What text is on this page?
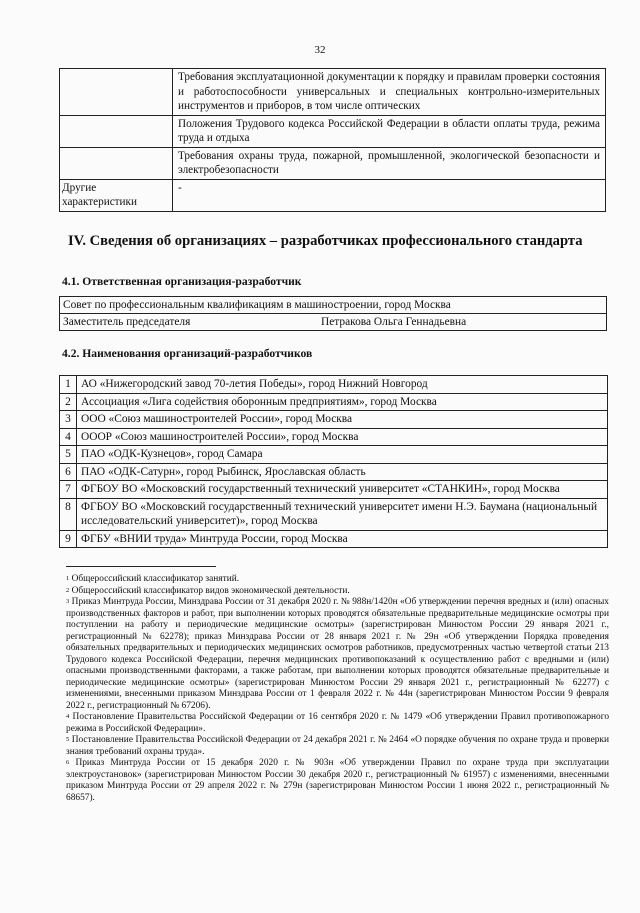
32
	Требования эксплуатационной документации к порядку и правилам проверки состояния и работоспособности универсальных и специальных контрольно-измерительных инструментов и приборов, в том числе оптических
	Положения Трудового кодекса Российской Федерации в области оплаты труда, режима труда и отдыха
	Требования охраны труда, пожарной, промышленной, экологической безопасности и электробезопасности
Другие характеристики	-
IV. Сведения об организациях – разработчиках профессионального стандарта
4.1. Ответственная организация-разработчик
Совет по профессиональным квалификациям в машиностроении, город Москва

Заместитель председателя	Петракова Ольга Геннадьевна
4.2. Наименования организаций-разработчиков
1	АО «Нижегородский завод 70-летия Победы», город Нижний Новгород
2	Ассоциация «Лига содействия оборонным предприятиям», город Москва
3	ООО «Союз машиностроителей России», город Москва
4	ОООР «Союз машиностроителей России», город Москва
5	ПАО «ОДК-Кузнецов», город Самара
6	ПАО «ОДК-Сатурн», город Рыбинск, Ярославская область
7	ФГБОУ ВО «Московский государственный технический университет «СТАНКИН», город Москва
8	ФГБОУ ВО «Московский государственный технический университет имени Н.Э. Баумана (национальный исследовательский университет)», город Москва
9	ФГБУ «ВНИИ труда» Минтруда России, город Москва

$^1$ Общероссийский классификатор занятий.

$^2$ Общероссийский классификатор видов экономической деятельности.

$^3$ Приказ Минтруда России, Минздрава России от 31 декабря 2020 г. № 988н/1420н «Об утверждении перечня вредных и (или) опасных производственных факторов и работ, при выполнении которых проводятся обязательные предварительные медицинские осмотры при поступлении на работу и периодические медицинские осмотры» (зарегистрирован Минюстом России 29 января 2021 г., регистрационный № 62278); приказ Минздрава России от 28 января 2021 г. № 29н «Об утверждении Порядка проведения обязательных предварительных и периодических медицинских осмотров работников, предусмотренных частью четвертой статьи 213 Трудового кодекса Российской Федерации, перечня медицинских противопоказаний к осуществлению работ с вредными и (или) опасными производственными факторами, а также работам, при выполнении которых проводятся обязательные предварительные и периодические медицинские осмотры» (зарегистрирован Минюстом России 29 января 2021 г., регистрационный № 62277) с изменениями, внесенными приказом Минздрава России от 1 февраля 2022 г. № 44н (зарегистрирован Минюстом России 9 февраля 2022 г., регистрационный № 67206).

$^4$ Постановление Правительства Российской Федерации от 16 сентября 2020 г. № 1479 «Об утверждении Правил противопожарного режима в Российской Федерации».

$^5$ Постановление Правительства Российской Федерации от 24 декабря 2021 г. № 2464 «О порядке обучения по охране труда и проверки знания требований охраны труда».

$^6$ Приказ Минтруда России от 15 декабря 2020 г. № 903н «Об утверждении Правил по охране труда при эксплуатации электроустановок» (зарегистрирован Минюстом России 30 декабря 2020 г., регистрационный № 61957) с изменениями, внесенными приказом Минтруда России от 29 апреля 2022 г. № 279н (зарегистрирован Минюстом России 1 июня 2022 г., регистрационный № 68657).
